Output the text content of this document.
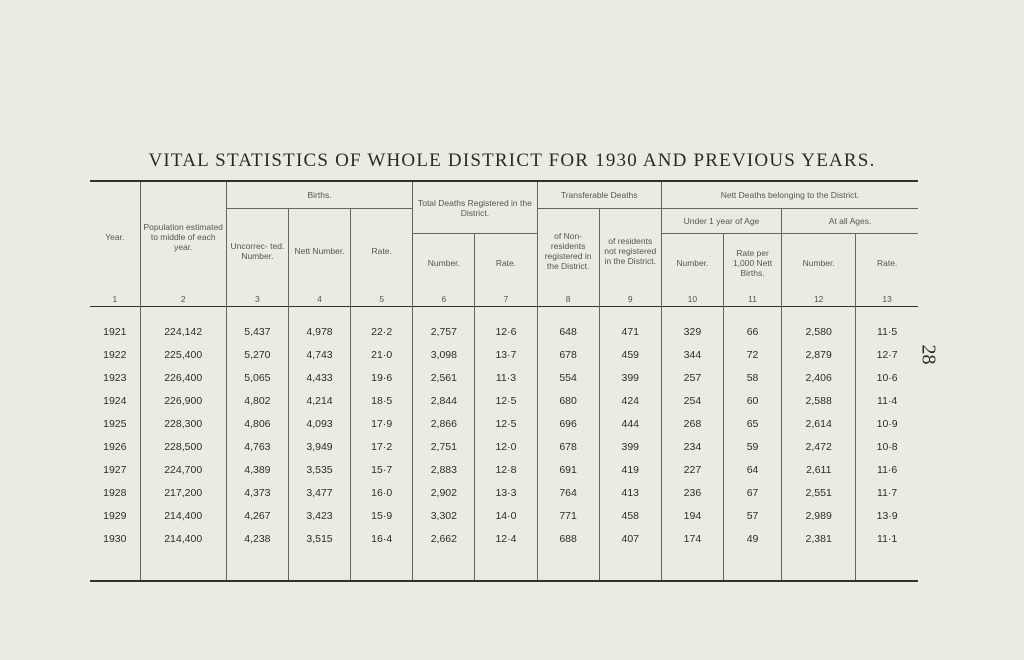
VITAL STATISTICS OF WHOLE DISTRICT FOR 1930 AND PREVIOUS YEARS.
28
Year.	Population estimated to middle of each year.	Births.			Total Deaths Registered in the District.		Transferable Deaths		Nett Deaths belonging to the District.			
		Uncorrec- ted. Number.	Nett Number.	Rate.			of Non- residents registered in the District.	of residents not registered in the District.	Under 1 year of Age		At all Ages.	
					Number.	Rate.			Number.	Rate per 1,000 Nett Births.	Number.	Rate.
1	2	3	4	5	6	7	8	9	10	11	12	13

1921	224,142	5,437	4,978	22·2	2,757	12·6	648	471	329	66	2,580	11·5
1922	225,400	5,270	4,743	21·0	3,098	13·7	678	459	344	72	2,879	12·7
1923	226,400	5,065	4,433	19·6	2,561	11·3	554	399	257	58	2,406	10·6
1924	226,900	4,802	4,214	18·5	2,844	12·5	680	424	254	60	2,588	11·4
1925	228,300	4,806	4,093	17·9	2,866	12·5	696	444	268	65	2,614	10·9
1926	228,500	4,763	3,949	17·2	2,751	12·0	678	399	234	59	2,472	10·8
1927	224,700	4,389	3,535	15·7	2,883	12·8	691	419	227	64	2,611	11·6
1928	217,200	4,373	3,477	16·0	2,902	13·3	764	413	236	67	2,551	11·7
1929	214,400	4,267	3,423	15·9	3,302	14·0	771	458	194	57	2,989	13·9
1930	214,400	4,238	3,515	16·4	2,662	12·4	688	407	174	49	2,381	11·1
